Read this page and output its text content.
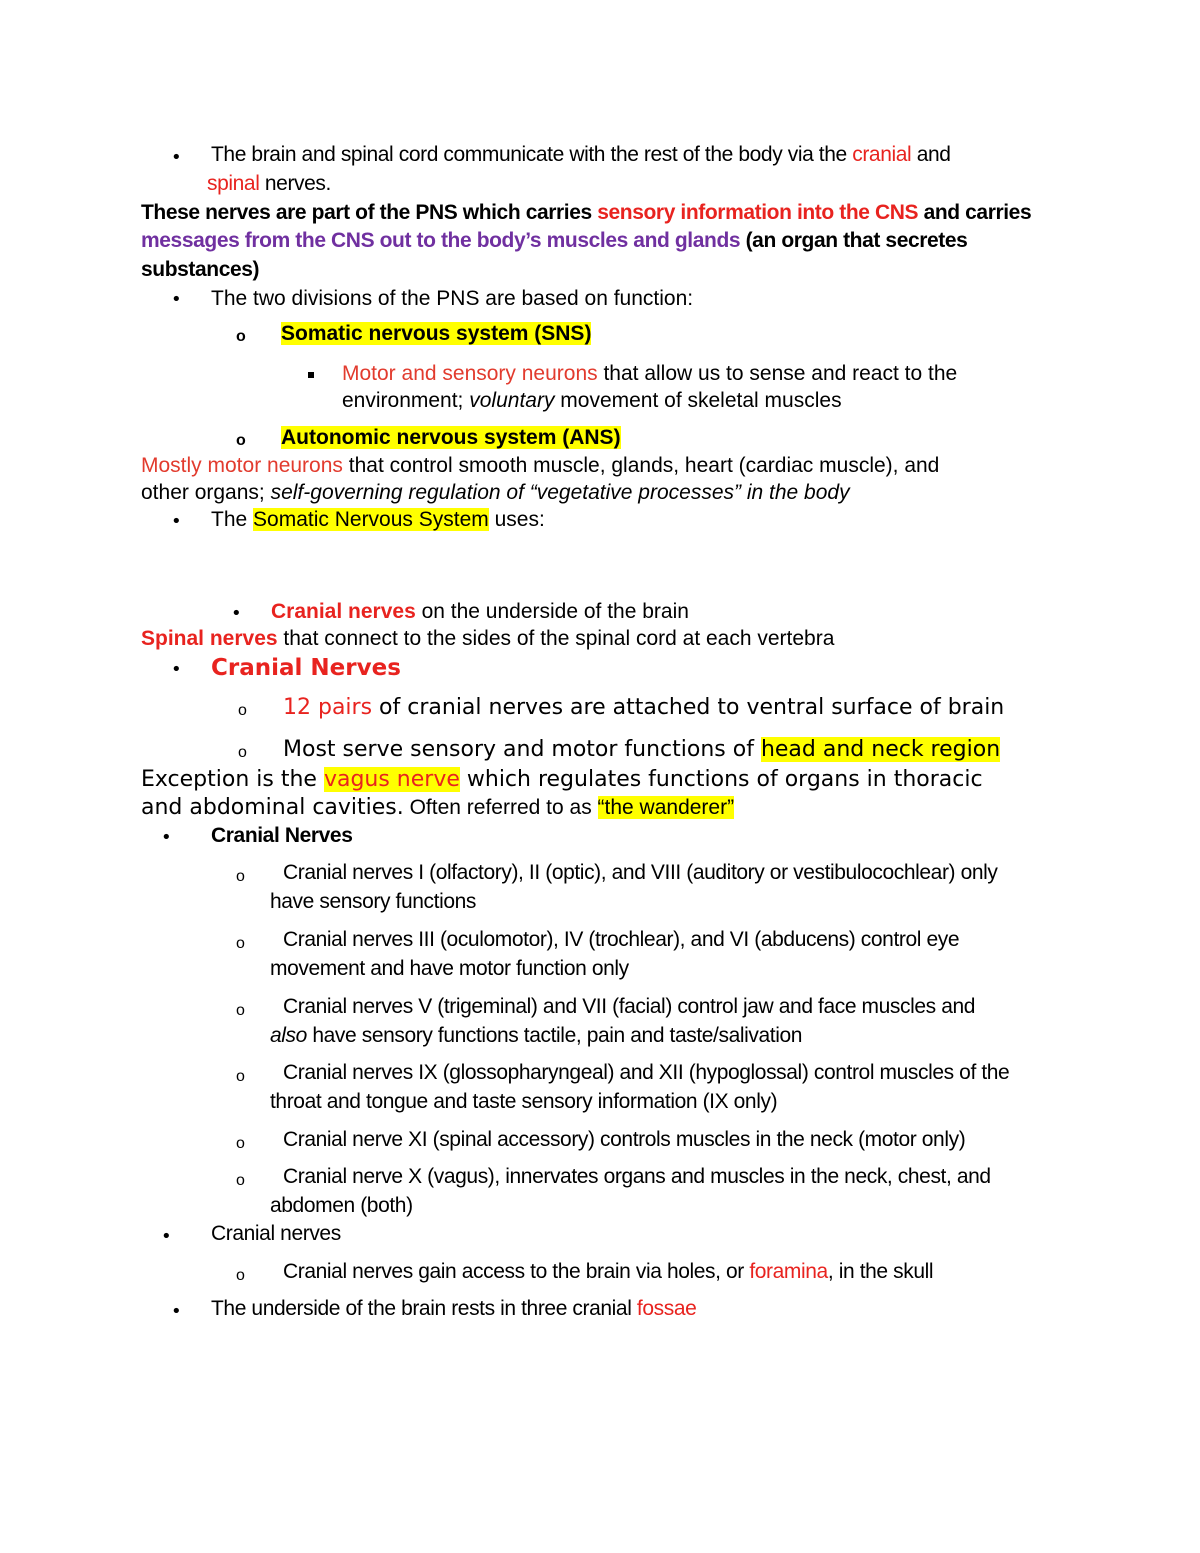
• The brain and spinal cord communicate with the rest of the body via the cranial and
spinal nerves.
These nerves are part of the PNS which carries sensory information into the CNS and carries
messages from the CNS out to the body’s muscles and glands (an organ that secretes
substances)
• The two divisions of the PNS are based on function:
o Somatic nervous system (SNS)
Motor and sensory neurons that allow us to sense and react to the
environment; voluntary movement of skeletal muscles
o Autonomic nervous system (ANS)
Mostly motor neurons that control smooth muscle, glands, heart (cardiac muscle), and
other organs; self-governing regulation of “vegetative processes” in the body
• The Somatic Nervous System uses:
• Cranial nerves on the underside of the brain
Spinal nerves that connect to the sides of the spinal cord at each vertebra
• Cranial Nerves
o 12 pairs of cranial nerves are attached to ventral surface of brain
o Most serve sensory and motor functions of head and neck region
Exception is the vagus nerve which regulates functions of organs in thoracic
and abdominal cavities. Often referred to as “the wanderer”
• Cranial Nerves
o Cranial nerves I (olfactory), II (optic), and VIII (auditory or vestibulocochlear) only
have sensory functions
o Cranial nerves III (oculomotor), IV (trochlear), and VI (abducens) control eye
movement and have motor function only
o Cranial nerves V (trigeminal) and VII (facial) control jaw and face muscles and
also have sensory functions tactile, pain and taste/salivation
o Cranial nerves IX (glossopharyngeal) and XII (hypoglossal) control muscles of the
throat and tongue and taste sensory information (IX only)
o Cranial nerve XI (spinal accessory) controls muscles in the neck (motor only)
o Cranial nerve X (vagus), innervates organs and muscles in the neck, chest, and
abdomen (both)
• Cranial nerves
o Cranial nerves gain access to the brain via holes, or foramina, in the skull
• The underside of the brain rests in three cranial fossae
